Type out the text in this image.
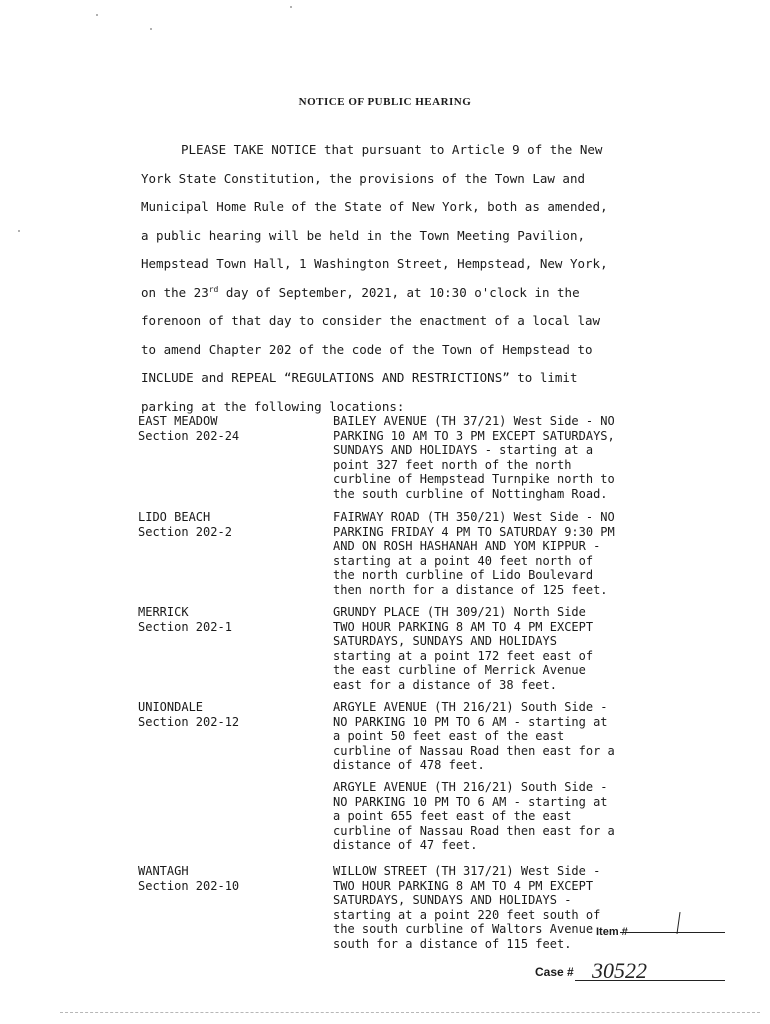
NOTICE OF PUBLIC HEARING
PLEASE TAKE NOTICE that pursuant to Article 9 of the New
York State Constitution, the provisions of the Town Law and
Municipal Home Rule of the State of New York, both as amended,
a public hearing will be held in the Town Meeting Pavilion,
Hempstead Town Hall, 1 Washington Street, Hempstead, New York,
on the 23rd day of September, 2021, at 10:30 o'clock in the
forenoon of that day to consider the enactment of a local law
to amend Chapter 202 of the code of the Town of Hempstead to
INCLUDE and REPEAL “REGULATIONS AND RESTRICTIONS” to limit
parking at the following locations:
EAST MEADOW
Section 202-24
BAILEY AVENUE (TH 37/21) West Side - NO
PARKING 10 AM TO 3 PM EXCEPT SATURDAYS,
SUNDAYS AND HOLIDAYS - starting at a
point 327 feet north of the north
curbline of Hempstead Turnpike north to
the south curbline of Nottingham Road.
LIDO BEACH
Section 202-2
FAIRWAY ROAD (TH 350/21) West Side - NO
PARKING FRIDAY 4 PM TO SATURDAY 9:30 PM
AND ON ROSH HASHANAH AND YOM KIPPUR -
starting at a point 40 feet north of
the north curbline of Lido Boulevard
then north for a distance of 125 feet.
MERRICK
Section 202-1
GRUNDY PLACE (TH 309/21) North Side
TWO HOUR PARKING 8 AM TO 4 PM EXCEPT
SATURDAYS, SUNDAYS AND HOLIDAYS
starting at a point 172 feet east of
the east curbline of Merrick Avenue
east for a distance of 38 feet.
UNIONDALE
Section 202-12
ARGYLE AVENUE (TH 216/21) South Side -
NO PARKING 10 PM TO 6 AM - starting at
a point 50 feet east of the east
curbline of Nassau Road then east for a
distance of 478 feet.
ARGYLE AVENUE (TH 216/21) South Side -
NO PARKING 10 PM TO 6 AM - starting at
a point 655 feet east of the east
curbline of Nassau Road then east for a
distance of 47 feet.
WANTAGH
Section 202-10
WILLOW STREET (TH 317/21) West Side -
TWO HOUR PARKING 8 AM TO 4 PM EXCEPT
SATURDAYS, SUNDAYS AND HOLIDAYS -
starting at a point 220 feet south of
the south curbline of Waltors Avenue
south for a distance of 115 feet.
Item #
Case # 30522
